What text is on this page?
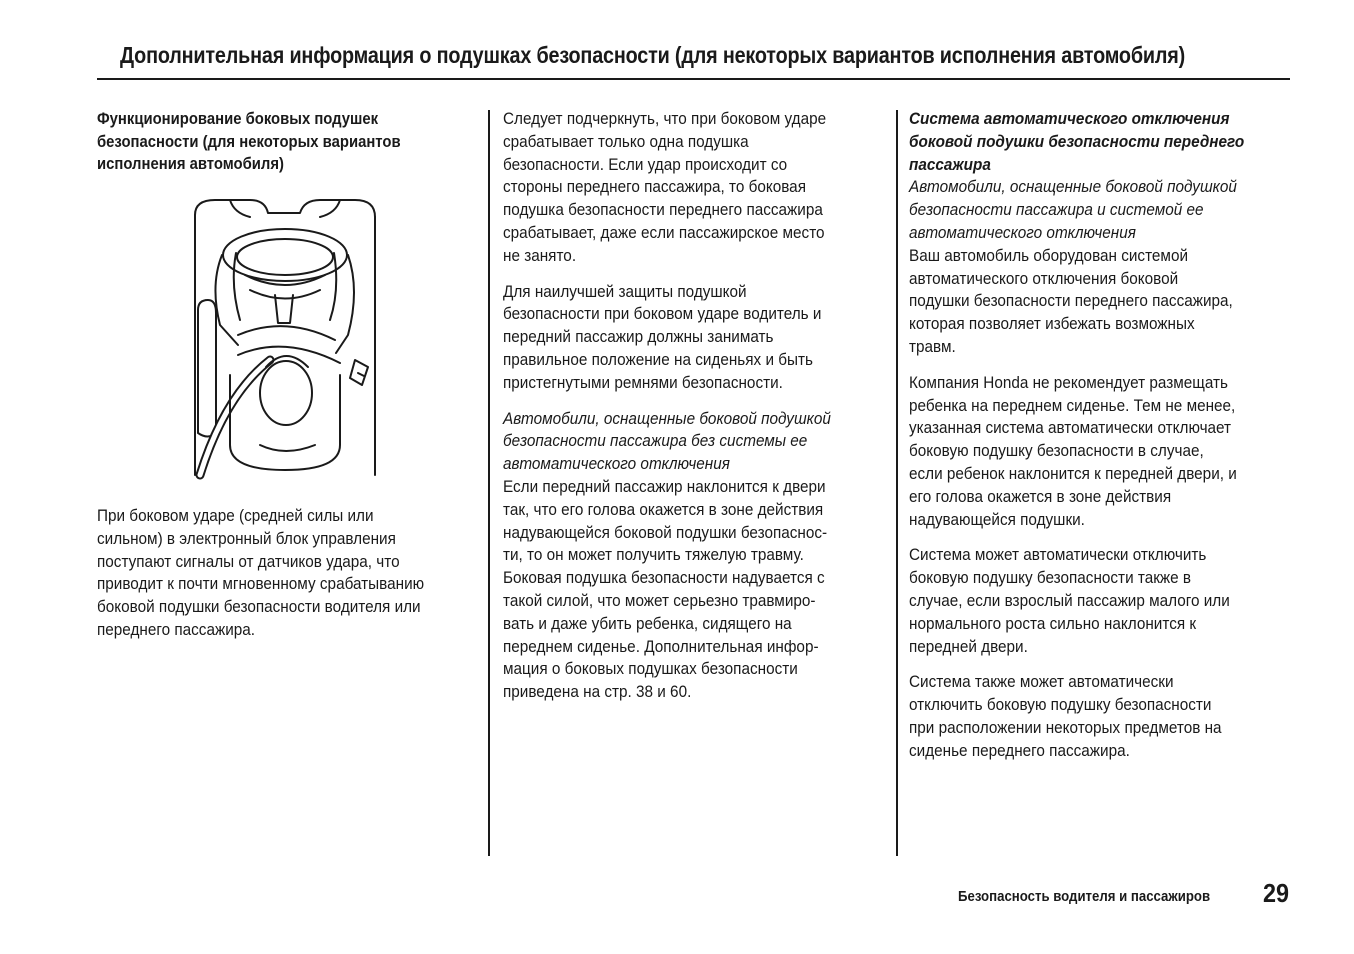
Дополнительная информация о подушках безопасности (для некоторых вариантов исполнения автомобиля)

Функционирование боковых подушек
безопасности (для некоторых вариантов
исполнения автомобиля)

При боковом ударе (средней силы или
сильном) в электронный блок управления
поступают сигналы от датчиков удара, что
приводит к почти мгновенному срабатыванию
боковой подушки безопасности водителя или
переднего пассажира.

Следует подчеркнуть, что при боковом ударе
срабатывает только одна подушка
безопасности. Если удар происходит со
стороны переднего пассажира, то боковая
подушка безопасности переднего пассажира
срабатывает, даже если пассажирское место
не занято.

Для наилучшей защиты подушкой
безопасности при боковом ударе водитель и
передний пассажир должны занимать
правильное положение на сиденьях и быть
пристегнутыми ремнями безопасности.

Автомобили, оснащенные боковой подушкой
безопасности пассажира без системы ее
автоматического отключения
Если передний пассажир наклонится к двери
так, что его голова окажется в зоне действия
надувающейся боковой подушки безопаснос-
ти, то он может получить тяжелую травму.
Боковая подушка безопасности надувается с
такой силой, что может серьезно травмиро-
вать и даже убить ребенка, сидящего на
переднем сиденье. Дополнительная инфор-
мация о боковых подушках безопасности
приведена на стр. 38 и 60.

Система автоматического отключения
боковой подушки безопасности переднего
пассажира
Автомобили, оснащенные боковой подушкой
безопасности пассажира и системой ее
автоматического отключения
Ваш автомобиль оборудован системой
автоматического отключения боковой
подушки безопасности переднего пассажира,
которая позволяет избежать возможных
травм.

Компания Honda не рекомендует размещать
ребенка на переднем сиденье. Тем не менее,
указанная система автоматически отключает
боковую подушку безопасности в случае,
если ребенок наклонится к передней двери, и
его голова окажется в зоне действия
надувающейся подушки.

Система может автоматически отключить
боковую подушку безопасности также в
случае, если взрослый пассажир малого или
нормального роста сильно наклонится к
передней двери.

Система также может автоматически
отключить боковую подушку безопасности
при расположении некоторых предметов на
сиденье переднего пассажира.

Безопасность водителя и пассажиров 29
